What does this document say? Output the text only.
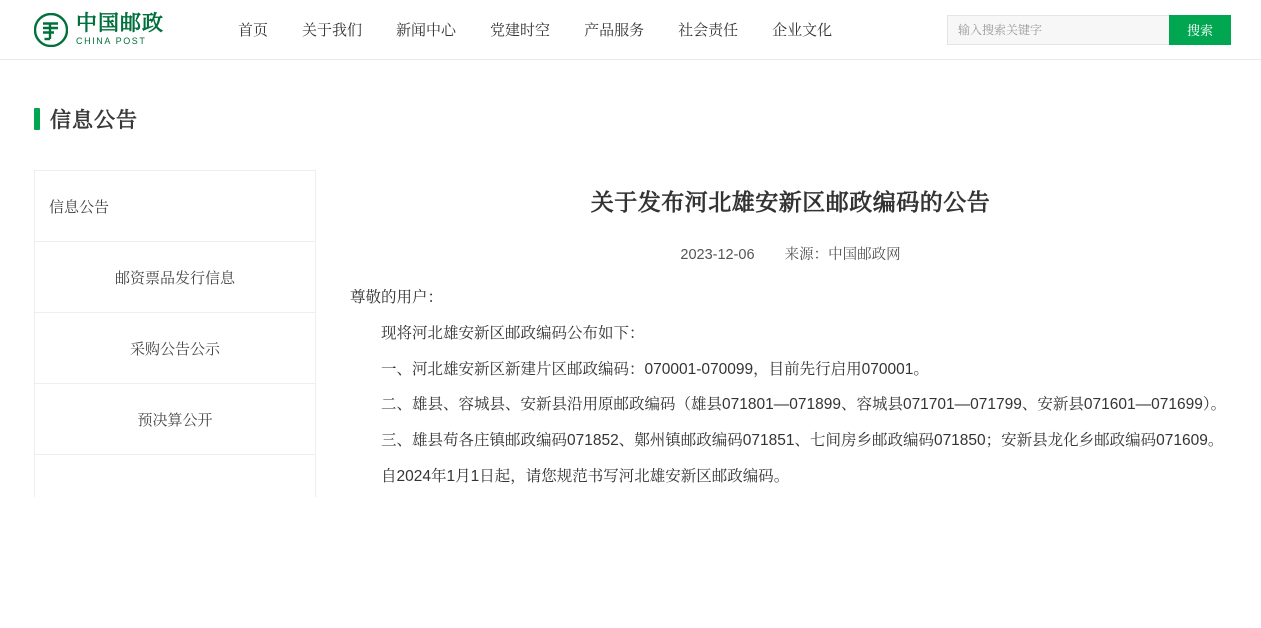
中国邮政
CHINA POST
首页 关于我们 新闻中心 党建时空 产品服务 社会责任 企业文化
输入搜索关键字	搜索
信息公告
信息公告
邮资票品发行信息
采购公告公示
预决算公开
关于发布河北雄安新区邮政编码的公告
2023-12-06 来源：中国邮政网

尊敬的用户：

现将河北雄安新区邮政编码公布如下：

一、河北雄安新区新建片区邮政编码：070001-070099，目前先行启用070001。

二、雄县、容城县、安新县沿用原邮政编码（雄县071801—071899、容城县071701—071799、安新县071601—071699）。

三、雄县苟各庄镇邮政编码071852、鄚州镇邮政编码071851、七间房乡邮政编码071850；安新县龙化乡邮政编码071609。

自2024年1月1日起，请您规范书写河北雄安新区邮政编码。
